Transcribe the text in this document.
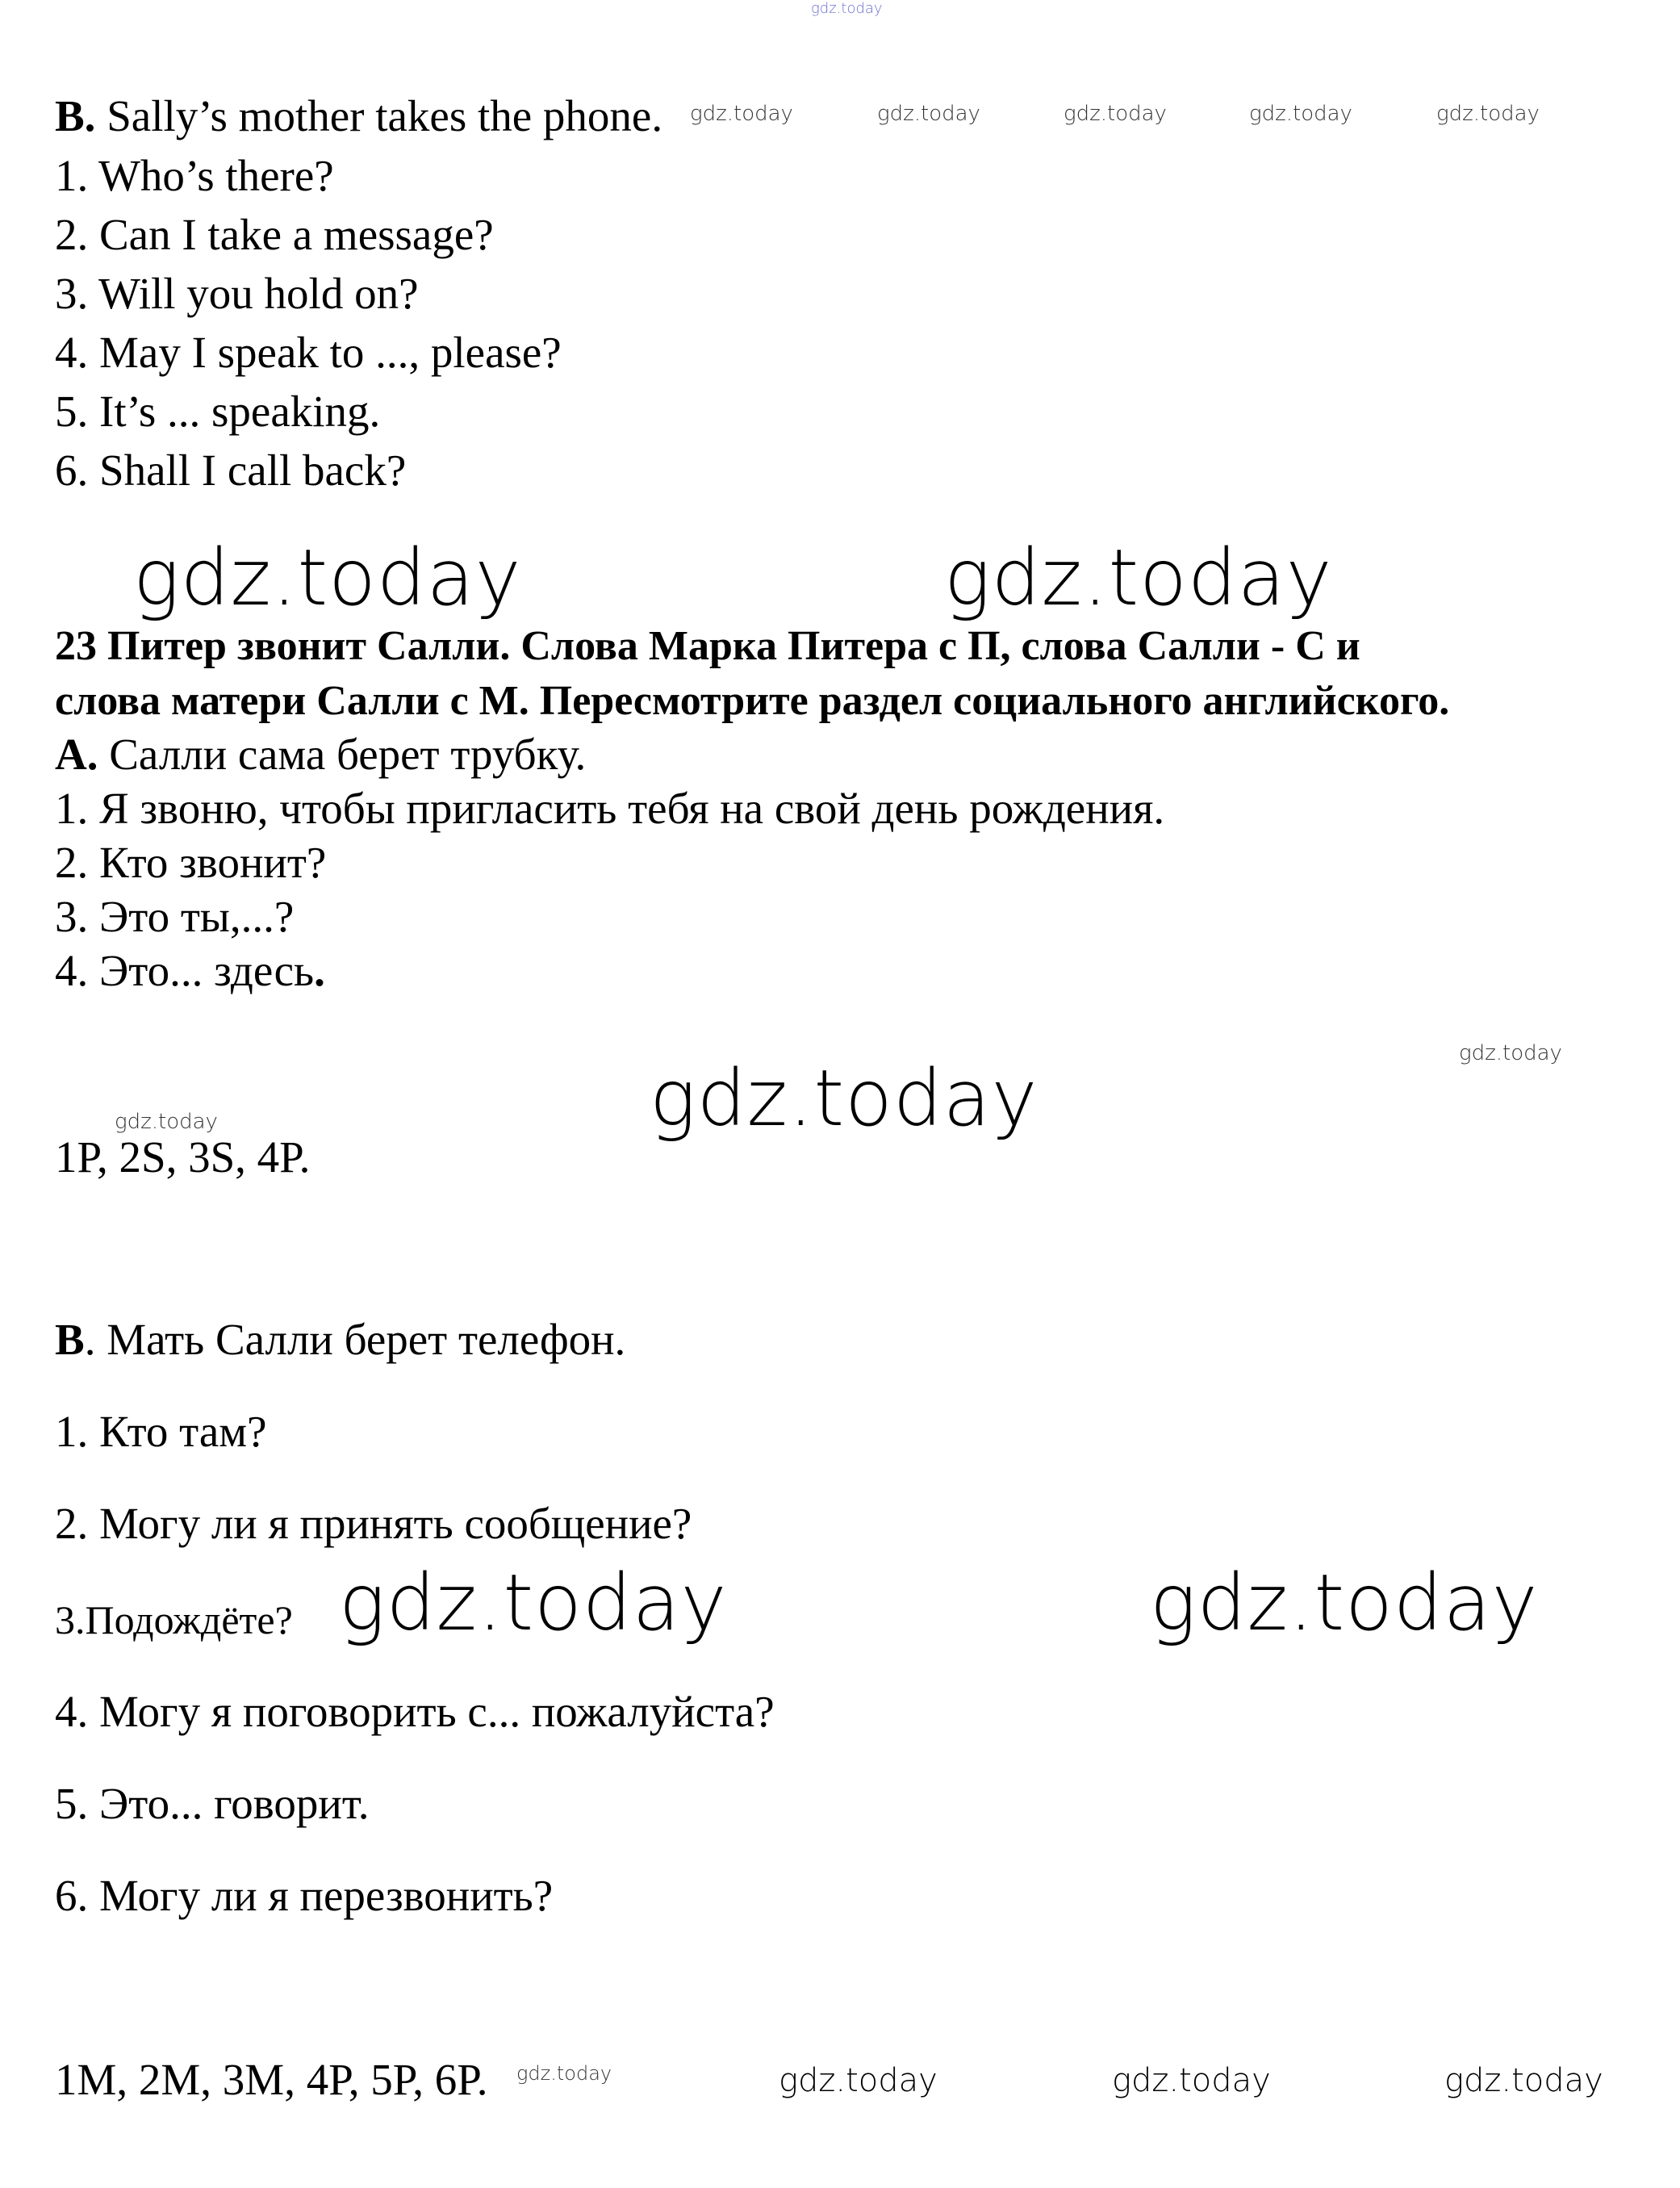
gdz.today
B. Sally’s mother takes the phone.
1. Who’s there?
2. Can I take a message?
3. Will you hold on?
4. May I speak to ..., please?
5. It’s ... speaking.
6. Shall I call back?
gdz.today	gdz.today	gdz.today	gdz.today	gdz.today
gdz.today	gdz.today
23 Питер звонит Салли. Слова Марка Питера с П, слова Салли - С и
слова матери Салли с М. Пересмотрите раздел социального английского.
А. Салли сама берет трубку.
1. Я звоню, чтобы пригласить тебя на свой день рождения.
2. Кто звонит?
3. Это ты,...?
4. Это... здесь.
gdz.today
gdz.today
gdz.today
1P, 2S, 3S, 4P.
В. Мать Салли берет телефон.
1. Кто там?
2. Могу ли я принять сообщение?
3.Подождёте? gdz.today	gdz.today
4. Могу я поговорить с... пожалуйста?
5. Это... говорит.
6. Могу ли я перезвонить?
1M, 2M, 3M, 4P, 5P, 6P. gdz.today	gdz.today	gdz.today	gdz.today
